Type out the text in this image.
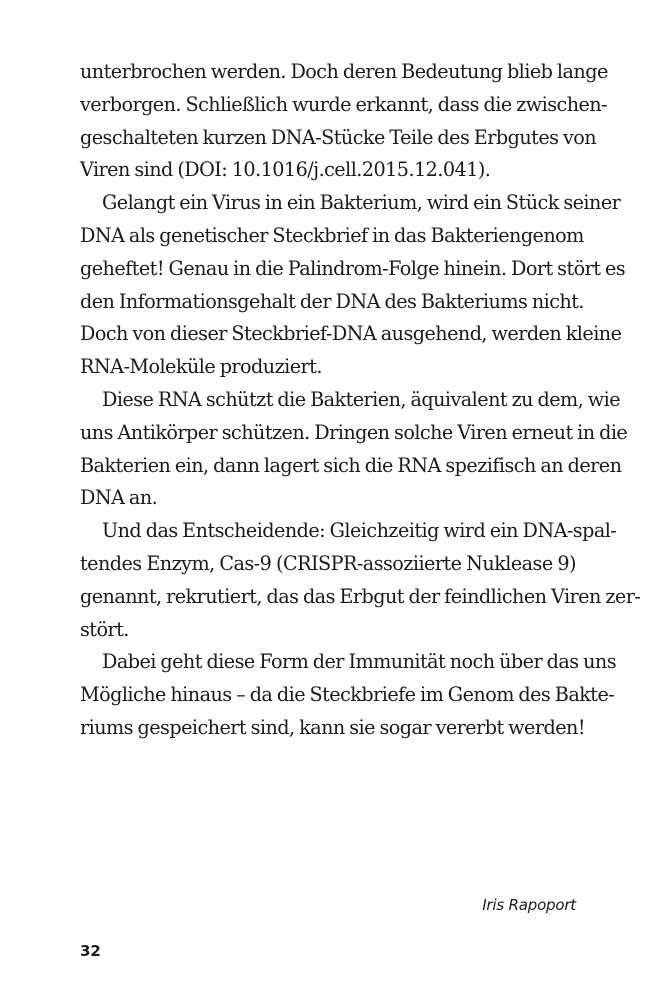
unterbrochen werden. Doch deren Bedeutung blieb lange
verborgen. Schließlich wurde erkannt, dass die zwischen-
geschalteten kurzen DNA-Stücke Teile des Erbgutes von
Viren sind (DOI: 10.1016/j.cell.2015.12.041).
Gelangt ein Virus in ein Bakterium, wird ein Stück seiner
DNA als genetischer Steckbrief in das Bakteriengenom
geheftet! Genau in die Palindrom-Folge hinein. Dort stört es
den Informationsgehalt der DNA des Bakteriums nicht.
Doch von dieser Steckbrief-DNA ausgehend, werden kleine
RNA-Moleküle produziert.
Diese RNA schützt die Bakterien, äquivalent zu dem, wie
uns Antikörper schützen. Dringen solche Viren erneut in die
Bakterien ein, dann lagert sich die RNA spezifisch an deren
DNA an.
Und das Entscheidende: Gleichzeitig wird ein DNA-spal-
tendes Enzym, Cas-9 (CRISPR-assoziierte Nuklease 9)
genannt, rekrutiert, das das Erbgut der feindlichen Viren zer-
stört.
Dabei geht diese Form der Immunität noch über das uns
Mögliche hinaus – da die Steckbriefe im Genom des Bakte-
riums gespeichert sind, kann sie sogar vererbt werden!
Iris Rapoport
32
